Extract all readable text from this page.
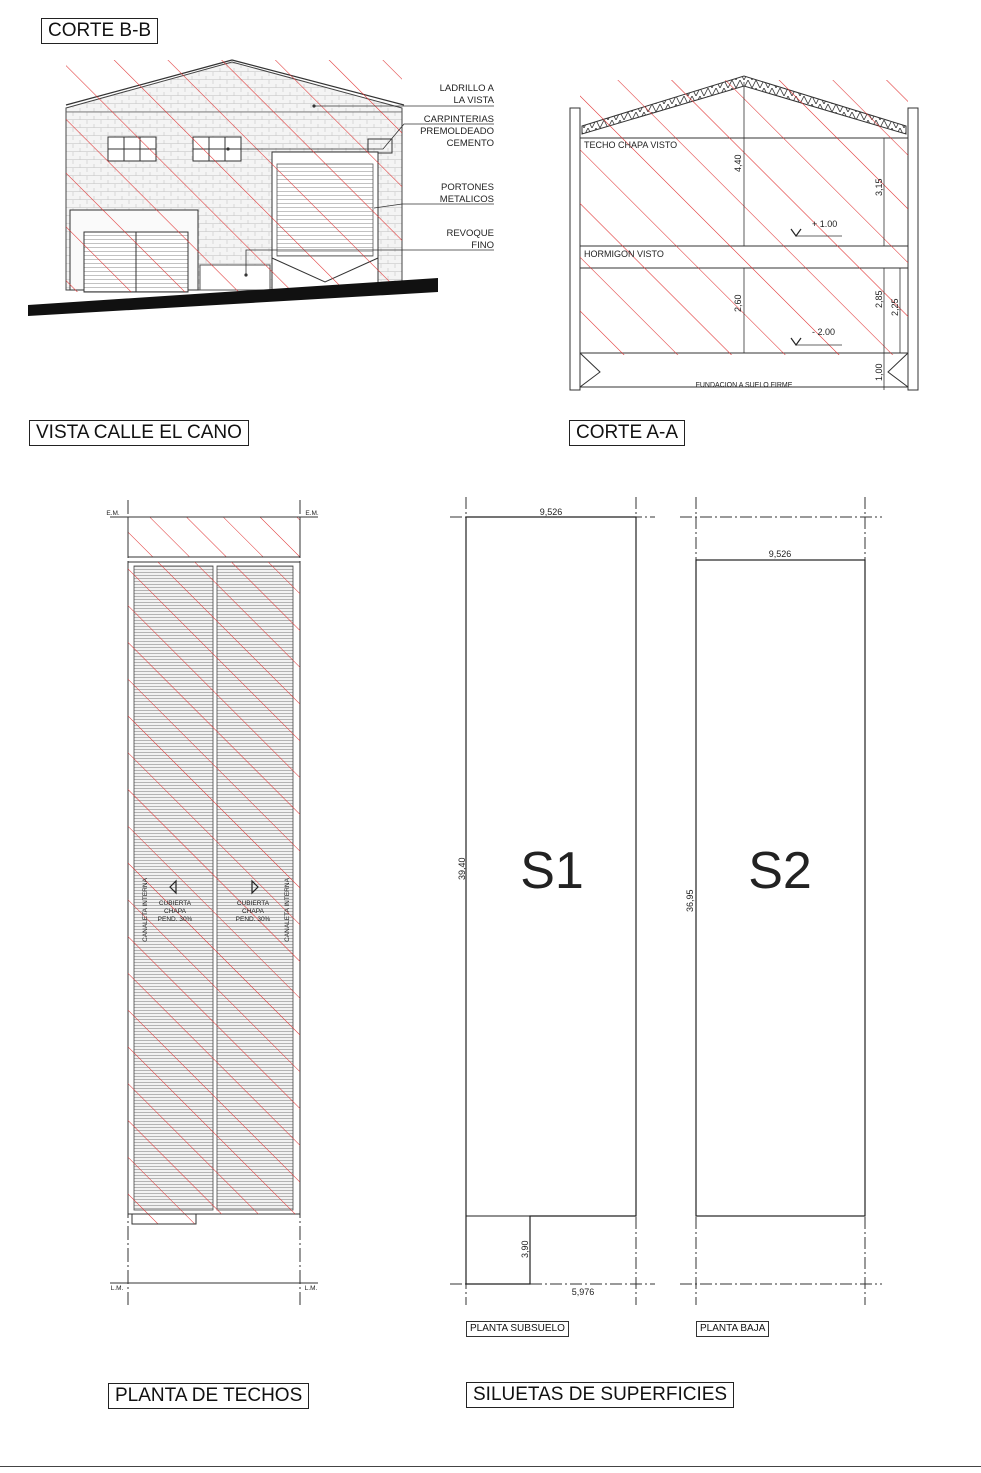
LADRILLO A
LA VISTA
CARPINTERIAS
PREMOLDEADO
CEMENTO
PORTONES
METALICOS
REVOQUE
FINO
TECHO CHAPA VISTO
HORMIGON VISTO
+ 1.00
- 2.00
FUNDACION A SUELO FIRME
4,40
3,15
2,60	2,85 2,25
1,00
E.M.	E.M.
L.M.	L.M.
CUBIERTA
CHAPA
PEND. 30%
CUBIERTA
CHAPA
PEND. 30%
CANALETA INTERNA	CANALETA INTERNA
S1
9,526
5,976
39,40
3,90
S2
9,526
36,95
CORTE B-B
VISTA CALLE EL CANO	CORTE A-A
PLANTA DE TECHOS	SILUETAS DE SUPERFICIES
PLANTA SUBSUELO	PLANTA BAJA
